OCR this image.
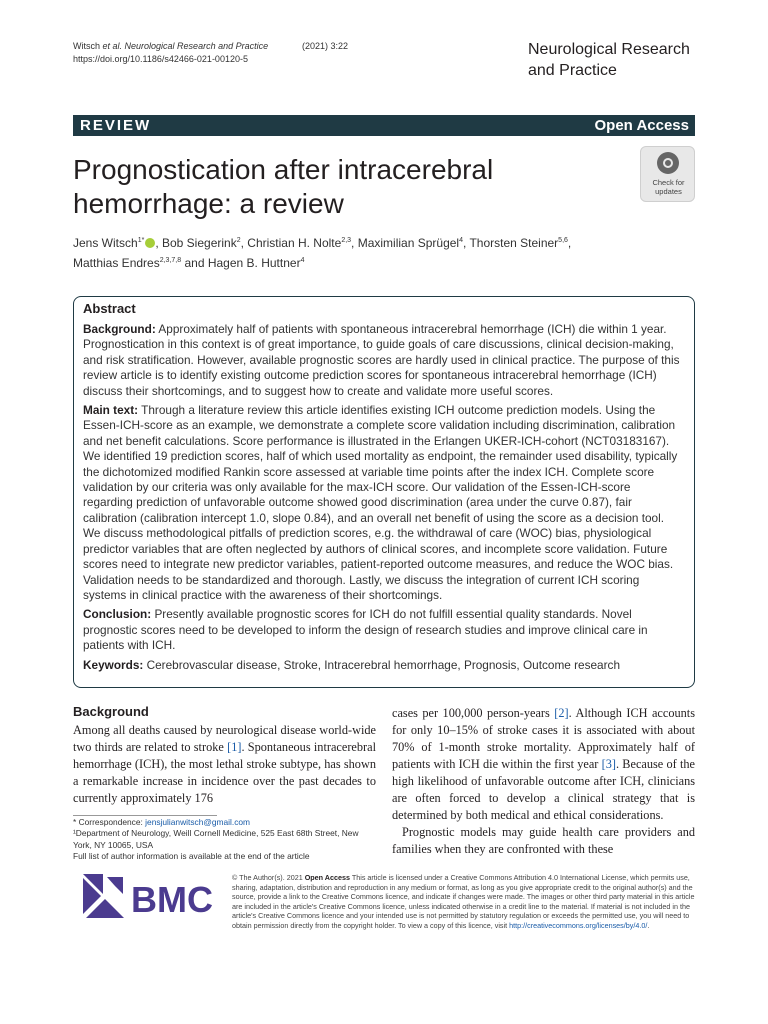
Witsch et al. Neurological Research and Practice	(2021) 3:22
https://doi.org/10.1186/s42466-021-00120-5
Neurological Research and Practice
REVIEW	Open Access
Prognostication after intracerebral hemorrhage: a review
Check for updates
Jens Witsch$^{1*}$ , Bob Siegerink$^2$, Christian H. Nolte$^{2,3}$, Maximilian Sprügel$^4$, Thorsten Steiner$^{5,6}$,
Matthias Endres$^{2,3,7,8}$ and Hagen B. Huttner$^4$
Abstract

Background: Approximately half of patients with spontaneous intracerebral hemorrhage (ICH) die within 1 year. Prognostication in this context is of great importance, to guide goals of care discussions, clinical decision-making, and risk stratification. However, available prognostic scores are hardly used in clinical practice. The purpose of this review article is to identify existing outcome prediction scores for spontaneous intracerebral hemorrhage (ICH) discuss their shortcomings, and to suggest how to create and validate more useful scores.

Main text: Through a literature review this article identifies existing ICH outcome prediction models. Using the Essen-ICH-score as an example, we demonstrate a complete score validation including discrimination, calibration and net benefit calculations. Score performance is illustrated in the Erlangen UKER-ICH-cohort (NCT03183167). We identified 19 prediction scores, half of which used mortality as endpoint, the remainder used disability, typically the dichotomized modified Rankin score assessed at variable time points after the index ICH. Complete score validation by our criteria was only available for the max-ICH score. Our validation of the Essen-ICH-score regarding prediction of unfavorable outcome showed good discrimination (area under the curve 0.87), fair calibration (calibration intercept 1.0, slope 0.84), and an overall net benefit of using the score as a decision tool. We discuss methodological pitfalls of prediction scores, e.g. the withdrawal of care (WOC) bias, physiological predictor variables that are often neglected by authors of clinical scores, and incomplete score validation. Future scores need to integrate new predictor variables, patient-reported outcome measures, and reduce the WOC bias. Validation needs to be standardized and thorough. Lastly, we discuss the integration of current ICH scoring systems in clinical practice with the awareness of their shortcomings.

Conclusion: Presently available prognostic scores for ICH do not fulfill essential quality standards. Novel prognostic scores need to be developed to inform the design of research studies and improve clinical care in patients with ICH.

Keywords: Cerebrovascular disease, Stroke, Intracerebral hemorrhage, Prognosis, Outcome research

Background

Among all deaths caused by neurological disease world-wide two thirds are related to stroke [1]. Spontaneous intracerebral hemorrhage (ICH), the most lethal stroke subtype, has shown a remarkable increase in incidence over the past decades to currently approximately 176

cases per 100,000 person-years [2]. Although ICH accounts for only 10–15% of stroke cases it is associated with about 70% of 1-month stroke mortality. Approximately half of patients with ICH die within the first year [3]. Because of the high likelihood of unfavorable outcome after ICH, clinicians are often forced to develop a clinical strategy that is determined by both medical and ethical considerations.

Prognostic models may guide health care providers and families when they are confronted with these

* Correspondence: jensjulianwitsch@gmail.com

¹Department of Neurology, Weill Cornell Medicine, 525 East 68th Street, New York, NY 10065, USA

Full list of author information is available at the end of the article

BMC
© The Author(s). 2021 Open Access This article is licensed under a Creative Commons Attribution 4.0 International License, which permits use, sharing, adaptation, distribution and reproduction in any medium or format, as long as you give appropriate credit to the original author(s) and the source, provide a link to the Creative Commons licence, and indicate if changes were made. The images or other third party material in this article are included in the article's Creative Commons licence, unless indicated otherwise in a credit line to the material. If material is not included in the article's Creative Commons licence and your intended use is not permitted by statutory regulation or exceeds the permitted use, you will need to obtain permission directly from the copyright holder. To view a copy of this licence, visit http://creativecommons.org/licenses/by/4.0/.
